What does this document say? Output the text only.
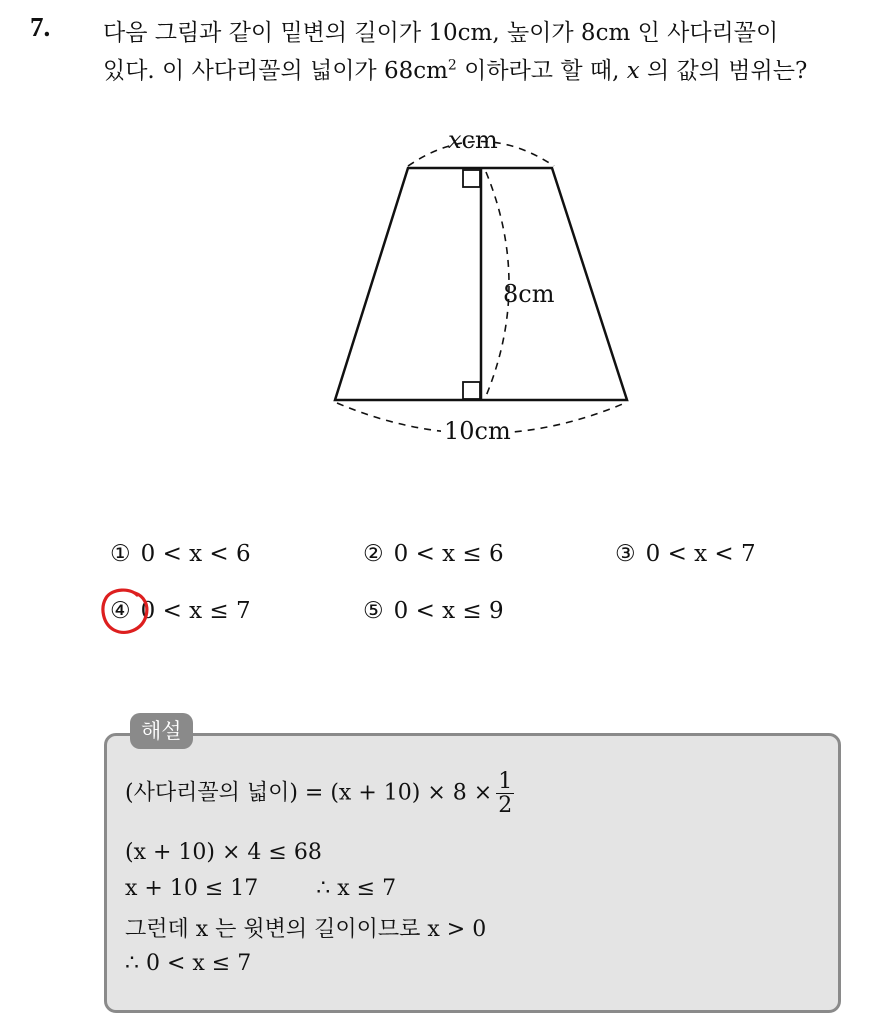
7. 다음 그림과 같이 밑변의 길이가 10cm, 높이가 8cm 인 사다리꼴이
있다. 이 사다리꼴의 넓이가 $68cm^2$ 이하라고 할 때, x 의 값의 범위는?
xcm
8cm
10cm
① 0 < x < 6	② 0 < x ≤ 6	③ 0 < x < 7
④ 0 < x ≤ 7	⑤ 0 < x ≤ 9
해설
(사다리꼴의 넓이) = $(x + 10) \times 8 \times \frac{1}{2}$
(x + 10) × 4 ≤ 68
x + 10 ≤ 17	∴ x ≤ 7
그런데 x 는 윗변의 길이이므로 x > 0
∴ 0 < x ≤ 7
